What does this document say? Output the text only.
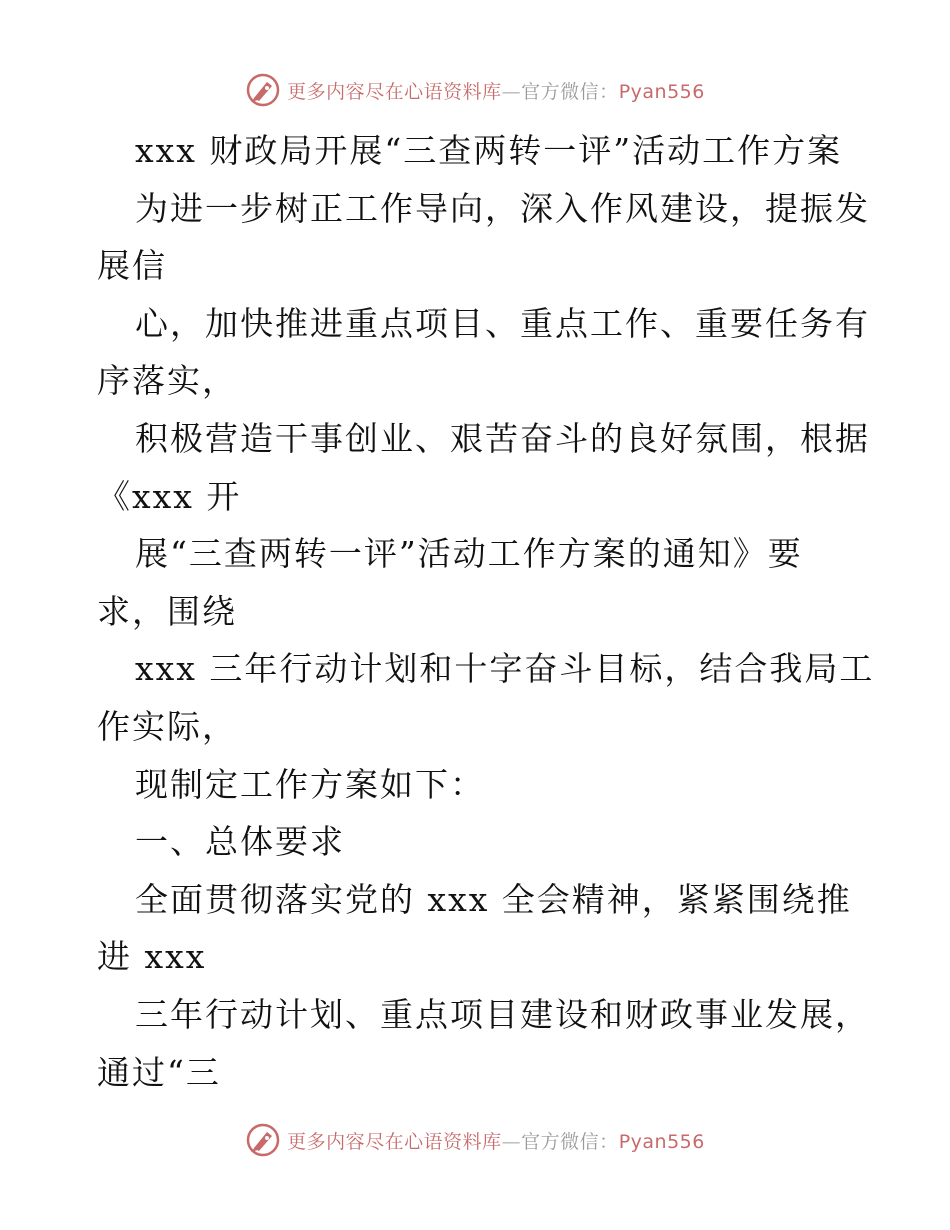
更多内容尽在心语资料库—官方微信：Pyan556
xxx 财政局开展“三查两转一评”活动工作方案
为进一步树正工作导向，深入作风建设，提振发
展信
心，加快推进重点项目、重点工作、重要任务有
序落实，
积极营造干事创业、艰苦奋斗的良好氛围，根据
《xxx 开
展“三查两转一评”活动工作方案的通知》要
求，围绕
xxx 三年行动计划和十字奋斗目标，结合我局工
作实际，
现制定工作方案如下：
一、总体要求
全面贯彻落实党的 xxx 全会精神，紧紧围绕推
进 xxx
三年行动计划、重点项目建设和财政事业发展，
通过“三
更多内容尽在心语资料库—官方微信：Pyan556
